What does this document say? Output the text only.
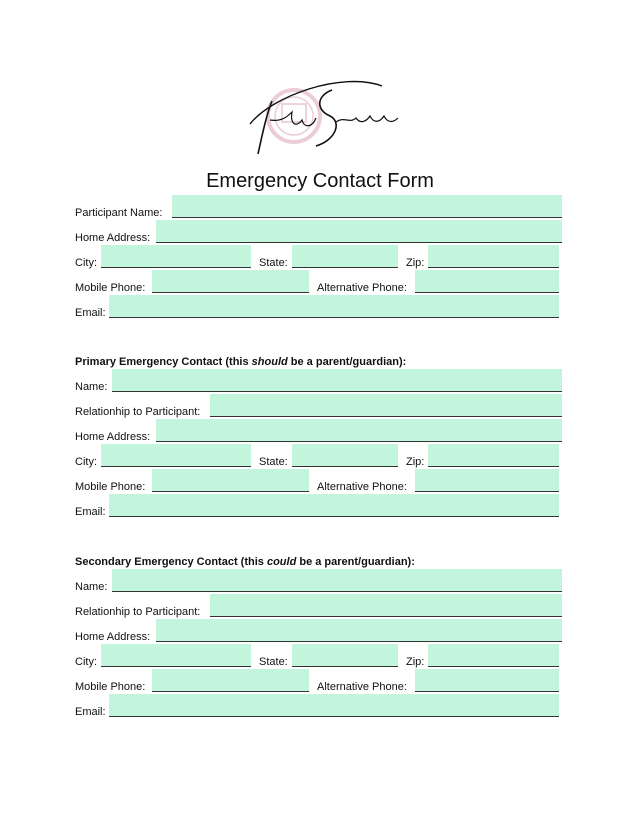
Emergency Contact Form
Participant Name:
Home Address:
City:	State:	Zip:
Mobile Phone:	Alternative Phone:
Email:
Primary Emergency Contact (this should be a parent/guardian):
Name:
Relationhip to Participant:
Home Address:
City:	State:	Zip:
Mobile Phone:	Alternative Phone:
Email:
Secondary Emergency Contact (this could be a parent/guardian):
Name:
Relationhip to Participant:
Home Address:
City:	State:	Zip:
Mobile Phone:	Alternative Phone:
Email:
